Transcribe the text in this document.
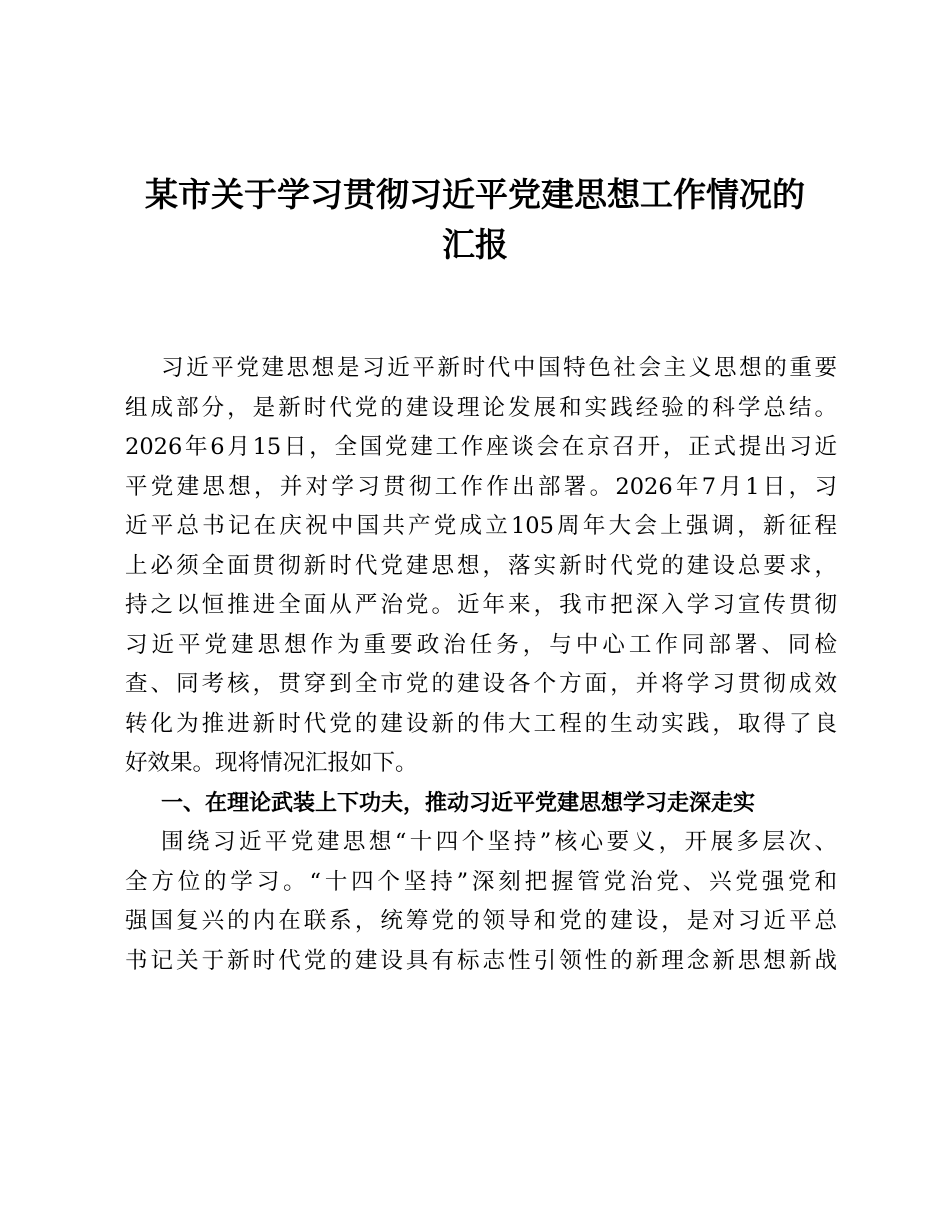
某市关于学习贯彻习近平党建思想工作情况的
汇报
习近平党建思想是习近平新时代中国特色社会主义思想的重要
组成部分，是新时代党的建设理论发展和实践经验的科学总结。
2026年6月15日，全国党建工作座谈会在京召开，正式提出习近
平党建思想，并对学习贯彻工作作出部署。2026年7月1日，习
近平总书记在庆祝中国共产党成立105周年大会上强调，新征程
上必须全面贯彻新时代党建思想，落实新时代党的建设总要求，
持之以恒推进全面从严治党。近年来，我市把深入学习宣传贯彻
习近平党建思想作为重要政治任务，与中心工作同部署、同检
查、同考核，贯穿到全市党的建设各个方面，并将学习贯彻成效
转化为推进新时代党的建设新的伟大工程的生动实践，取得了良
好效果。现将情况汇报如下。
一、在理论武装上下功夫，推动习近平党建思想学习走深走实
围绕习近平党建思想“十四个坚持”核心要义，开展多层次、
全方位的学习。“十四个坚持”深刻把握管党治党、兴党强党和
强国复兴的内在联系，统筹党的领导和党的建设，是对习近平总
书记关于新时代党的建设具有标志性引领性的新理念新思想新战
